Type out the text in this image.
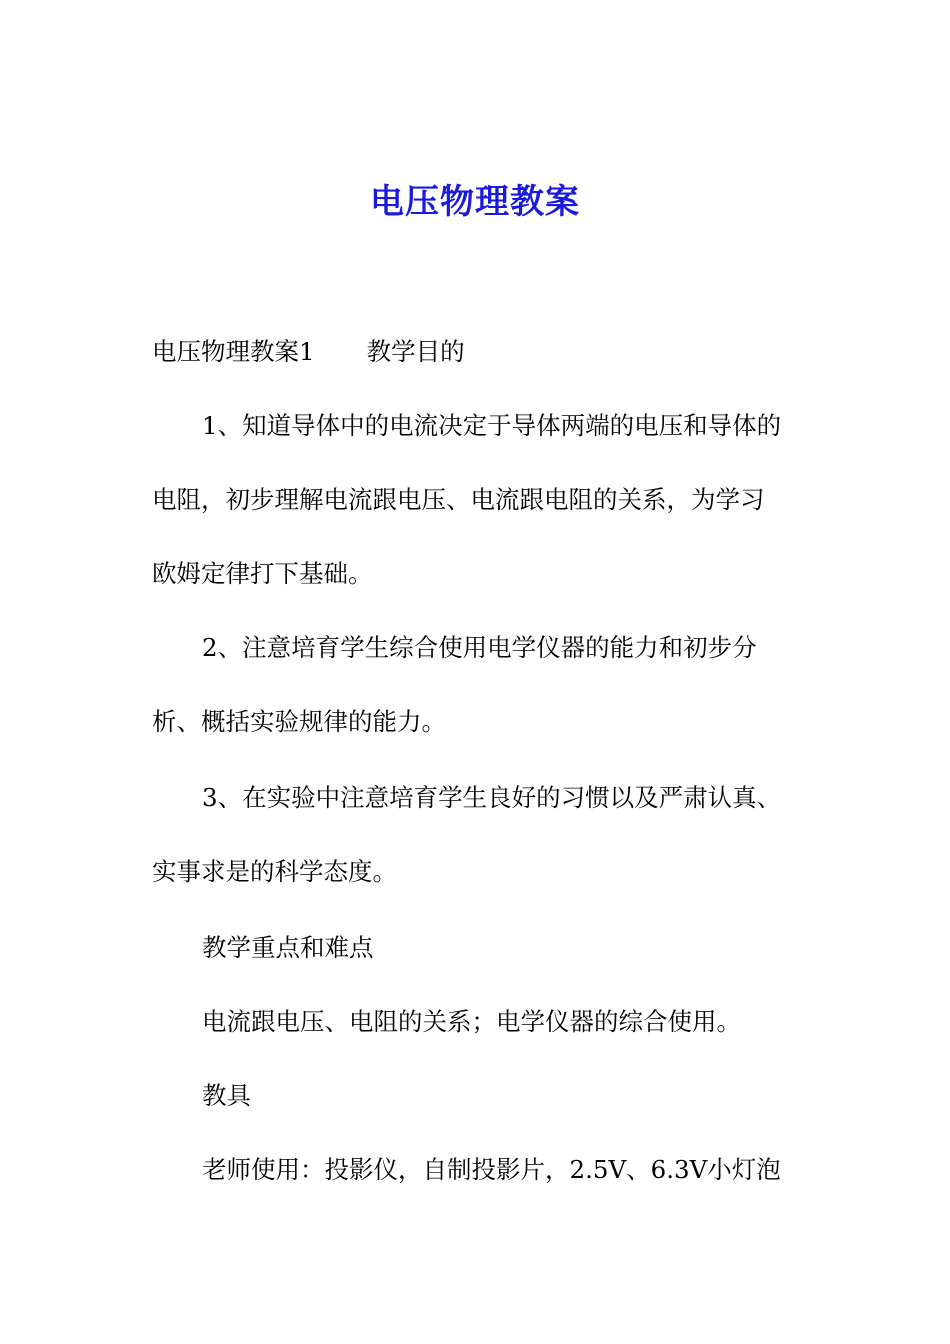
电压物理教案
电压物理教案1 教学目的
1、知道导体中的电流决定于导体两端的电压和导体的
电阻，初步理解电流跟电压、电流跟电阻的关系，为学习
欧姆定律打下基础。
2、注意培育学生综合使用电学仪器的能力和初步分
析、概括实验规律的能力。
3、在实验中注意培育学生良好的习惯以及严肃认真、
实事求是的科学态度。
教学重点和难点
电流跟电压、电阻的关系；电学仪器的综合使用。
教具
老师使用：投影仪，自制投影片，2.5V、6.3V小灯泡
